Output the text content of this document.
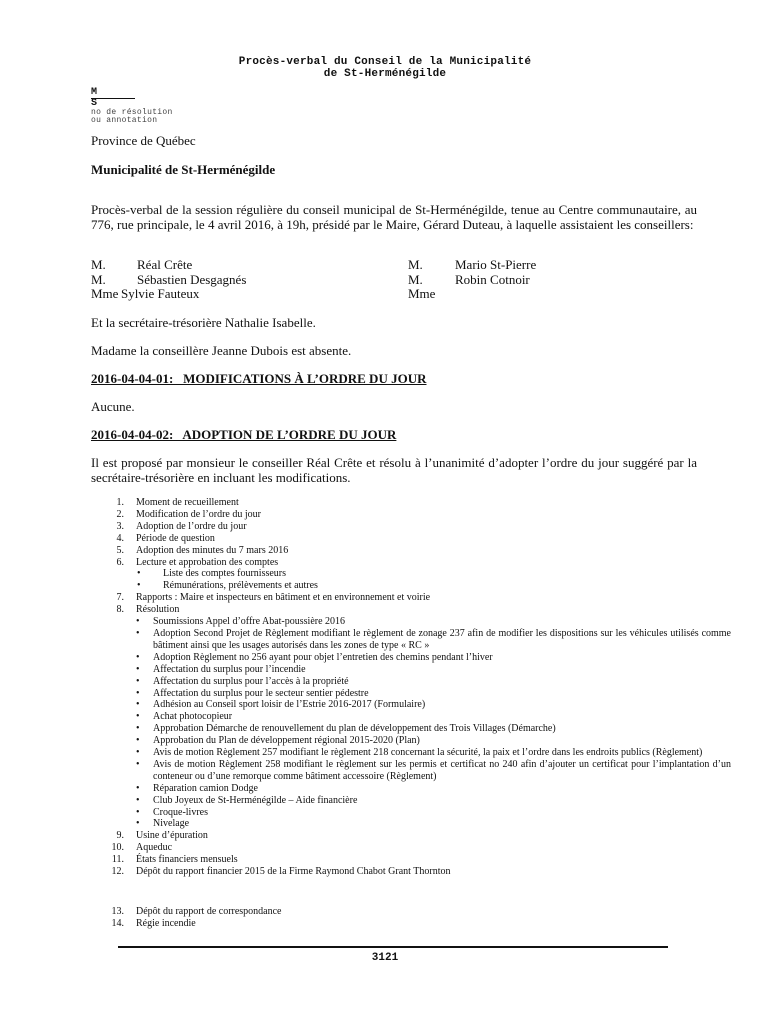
Procès-verbal du Conseil de la Municipalité
de St-Herménégilde
M
S
no de résolution
ou annotation
Province de Québec
Municipalité de St-Herménégilde
Procès-verbal de la session régulière du conseil municipal de St-Herménégilde, tenue au Centre communautaire, au 776, rue principale, le 4 avril 2016, à 19h, présidé par le Maire, Gérard Duteau, à laquelle assistaient les conseillers:
M. Réal Crête
M. Sébastien Desgagnés
Mme Sylvie Fauteux
M. Mario St-Pierre
M. Robin Cotnoir
Mme
Et la secrétaire-trésorière Nathalie Isabelle.
Madame la conseillère Jeanne Dubois est absente.
2016-04-04-01:   MODIFICATIONS À L’ORDRE DU JOUR
Aucune.
2016-04-04-02:   ADOPTION DE L’ORDRE DU JOUR
Il est proposé par monsieur le conseiller Réal Crête et résolu à l’unanimité d’adopter l’ordre du jour suggéré par la secrétaire-trésorière en incluant les modifications.
1. Moment de recueillement
2. Modification de l’ordre du jour
3. Adoption de l’ordre du jour
4. Période de question
5. Adoption des minutes du 7 mars 2016
6. Lecture et approbation des comptes
• Liste des comptes fournisseurs
• Rémunérations, prélèvements et autres
7. Rapports : Maire et inspecteurs en bâtiment et en environnement et voirie
8. Résolution
• Soumissions Appel d’offre Abat-poussière 2016
• Adoption Second Projet de Règlement modifiant le règlement de zonage 237 afin de modifier les dispositions sur les véhicules utilisés comme bâtiment ainsi que les usages autorisés dans les zones de type « RC »
• Adoption Règlement no 256 ayant pour objet l’entretien des chemins pendant l’hiver
• Affectation du surplus pour l’incendie
• Affectation du surplus pour l’accès à la propriété
• Affectation du surplus pour le secteur sentier pédestre
• Adhésion au Conseil sport loisir de l’Estrie 2016-2017 (Formulaire)
• Achat photocopieur
• Approbation Démarche de renouvellement du plan de développement des Trois Villages (Démarche)
• Approbation du Plan de développement régional 2015-2020 (Plan)
• Avis de motion Règlement 257 modifiant le règlement 218 concernant la sécurité, la paix et l’ordre dans les endroits publics (Règlement)
• Avis de motion Règlement 258 modifiant le règlement sur les permis et certificat no 240 afin d’ajouter un certificat pour l’implantation d’un conteneur ou d’une remorque comme bâtiment accessoire (Règlement)
• Réparation camion Dodge
• Club Joyeux de St-Herménégilde – Aide financière
• Croque-livres
• Nivelage
9. Usine d’épuration
10. Aqueduc
11. États financiers mensuels
12. Dépôt du rapport financier 2015 de la Firme Raymond Chabot Grant Thornton
13. Dépôt du rapport de correspondance
14. Régie incendie
3121
